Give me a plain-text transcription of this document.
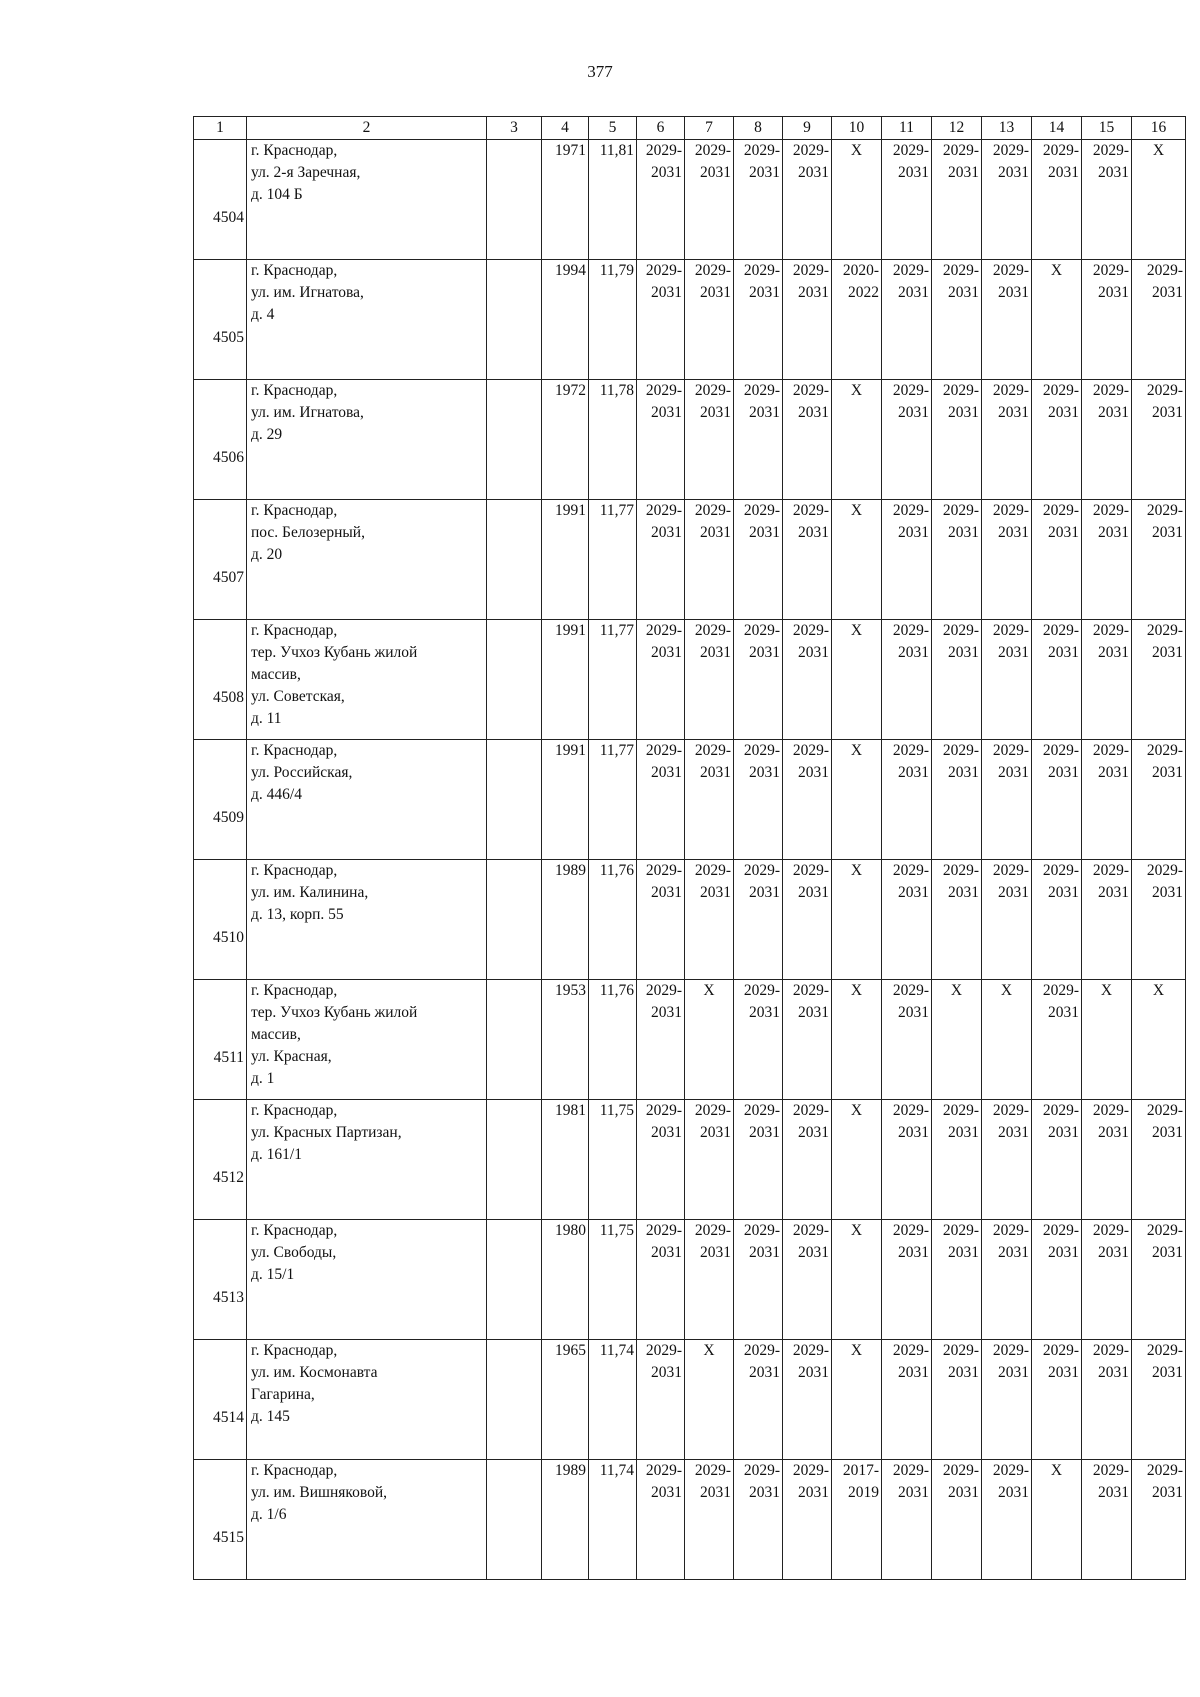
377
1	2	3	4	5	6	7	8	9	10	11	12	13	14	15	16
4504	г. Краснодар,
ул. 2-я Заречная,
д. 104 Б		1971	11,81	2029-
2031	2029-
2031	2029-
2031	2029-
2031	X	2029-
2031	2029-
2031	2029-
2031	2029-
2031	2029-
2031	X
4505	г. Краснодар,
ул. им. Игнатова,
д. 4		1994	11,79	2029-
2031	2029-
2031	2029-
2031	2029-
2031	2020-
2022	2029-
2031	2029-
2031	2029-
2031	X	2029-
2031	2029-
2031

4506	г. Краснодар,
ул. им. Игнатова,
д. 29		1972	11,78	2029-
2031	2029-
2031	2029-
2031	2029-
2031	X	2029-
2031	2029-
2031	2029-
2031	2029-
2031	2029-
2031	2029-
2031

4507	г. Краснодар,
пос. Белозерный,
д. 20		1991	11,77	2029-
2031	2029-
2031	2029-
2031	2029-
2031	X	2029-
2031	2029-
2031	2029-
2031	2029-
2031	2029-
2031	2029-
2031

4508	г. Краснодар,
тер. Учхоз Кубань жилой
массив,
ул. Советская,
д. 11		1991	11,77	2029-
2031	2029-
2031	2029-
2031	2029-
2031	X	2029-
2031	2029-
2031	2029-
2031	2029-
2031	2029-
2031	2029-
2031

4509	г. Краснодар,
ул. Российская,
д. 446/4		1991	11,77	2029-
2031	2029-
2031	2029-
2031	2029-
2031	X	2029-
2031	2029-
2031	2029-
2031	2029-
2031	2029-
2031	2029-
2031

4510	г. Краснодар,
ул. им. Калинина,
д. 13, корп. 55		1989	11,76	2029-
2031	2029-
2031	2029-
2031	2029-
2031	X	2029-
2031	2029-
2031	2029-
2031	2029-
2031	2029-
2031	2029-
2031

4511	г. Краснодар,
тер. Учхоз Кубань жилой
массив,
ул. Красная,
д. 1		1953	11,76	2029-
2031	X	2029-
2031	2029-
2031	X	2029-
2031	X	X	2029-
2031	X	X
4512	г. Краснодар,
ул. Красных Партизан,
д. 161/1		1981	11,75	2029-
2031	2029-
2031	2029-
2031	2029-
2031	X	2029-
2031	2029-
2031	2029-
2031	2029-
2031	2029-
2031	2029-
2031

4513	г. Краснодар,
ул. Свободы,
д. 15/1		1980	11,75	2029-
2031	2029-
2031	2029-
2031	2029-
2031	X	2029-
2031	2029-
2031	2029-
2031	2029-
2031	2029-
2031	2029-
2031

4514	г. Краснодар,
ул. им. Космонавта
Гагарина,
д. 145		1965	11,74	2029-
2031	X	2029-
2031	2029-
2031	X	2029-
2031	2029-
2031	2029-
2031	2029-
2031	2029-
2031	2029-
2031

4515	г. Краснодар,
ул. им. Вишняковой,
д. 1/6		1989	11,74	2029-
2031	2029-
2031	2029-
2031	2029-
2031	2017-
2019	2029-
2031	2029-
2031	2029-
2031	X	2029-
2031	2029-
2031
